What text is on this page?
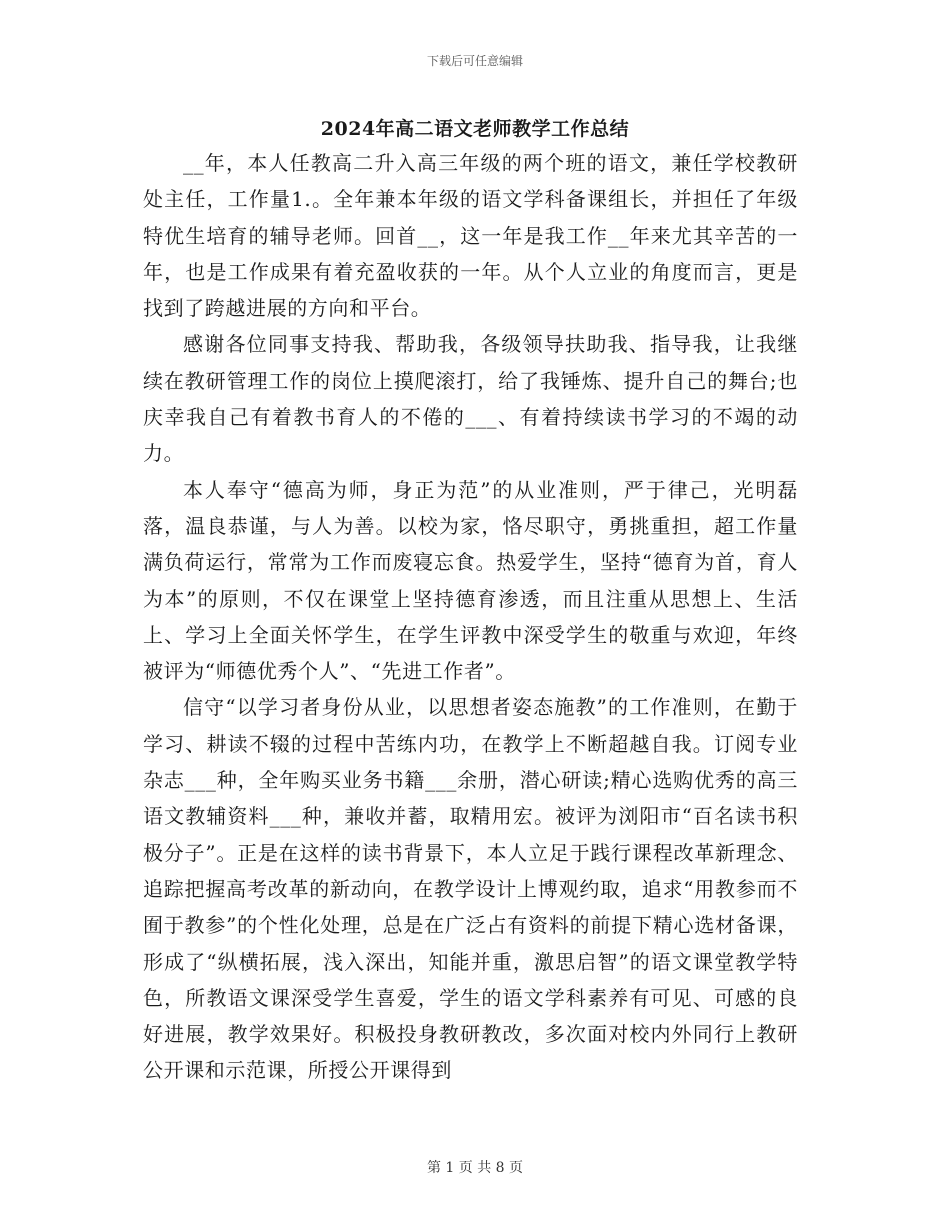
下载后可任意编辑
2024年高二语文老师教学工作总结

__年，本人任教高二升入高三年级的两个班的语文，兼任学校教研处主任，工作量1.。全年兼本年级的语文学科备课组长，并担任了年级特优生培育的辅导老师。回首__，这一年是我工作__年来尤其辛苦的一年，也是工作成果有着充盈收获的一年。从个人立业的角度而言，更是找到了跨越进展的方向和平台。

感谢各位同事支持我、帮助我，各级领导扶助我、指导我，让我继续在教研管理工作的岗位上摸爬滚打，给了我锤炼、提升自己的舞台;也庆幸我自己有着教书育人的不倦的___、有着持续读书学习的不竭的动力。

本人奉守“德高为师，身正为范”的从业准则，严于律己，光明磊落，温良恭谨，与人为善。以校为家，恪尽职守，勇挑重担，超工作量满负荷运行，常常为工作而废寝忘食。热爱学生，坚持“德育为首，育人为本”的原则，不仅在课堂上坚持德育渗透，而且注重从思想上、生活上、学习上全面关怀学生，在学生评教中深受学生的敬重与欢迎，年终被评为“师德优秀个人”、“先进工作者”。

信守“以学习者身份从业，以思想者姿态施教”的工作准则，在勤于学习、耕读不辍的过程中苦练内功，在教学上不断超越自我。订阅专业杂志___种，全年购买业务书籍___余册，潜心研读;精心选购优秀的高三语文教辅资料___种，兼收并蓄，取精用宏。被评为浏阳市“百名读书积极分子”。正是在这样的读书背景下，本人立足于践行课程改革新理念、追踪把握高考改革的新动向，在教学设计上博观约取，追求“用教参而不囿于教参”的个性化处理，总是在广泛占有资料的前提下精心选材备课，形成了“纵横拓展，浅入深出，知能并重，激思启智”的语文课堂教学特色，所教语文课深受学生喜爱，学生的语文学科素养有可见、可感的良好进展，教学效果好。积极投身教研教改，多次面对校内外同行上教研公开课和示范课，所授公开课得到

第 1 页 共 8 页
